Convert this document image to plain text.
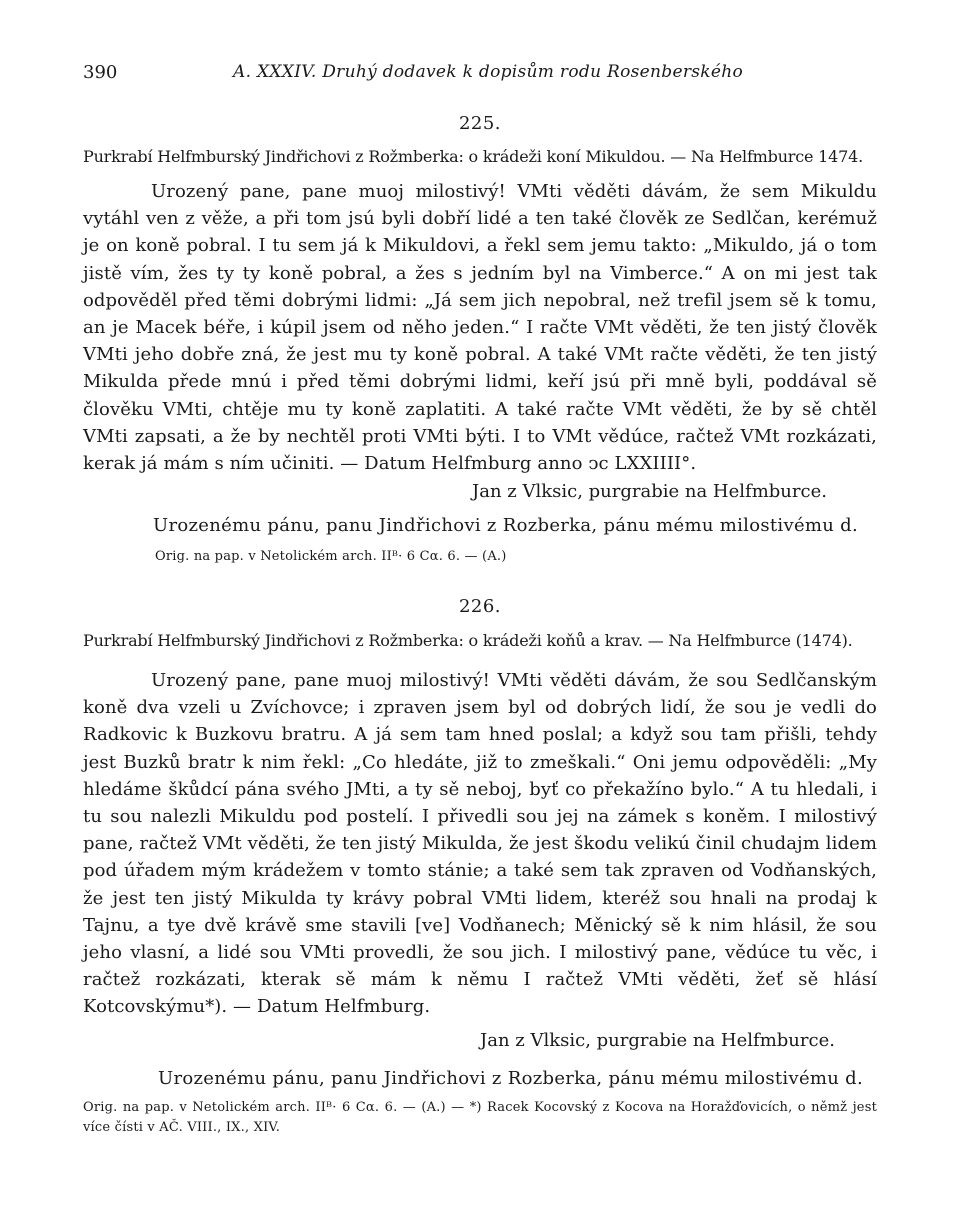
390	A. XXXIV. Druhý dodavek k dopisům rodu Rosenberského
225.
Purkrabí Helfmburský Jindřichovi z Rožmberka: o krádeži koní Mikuldou. — Na Helfmburce 1474.
Urozený pane, pane muoj milostivý! VMti věděti dávám, že sem Mikuldu vytáhl ven z věže, a při tom jsú byli dobří lidé a ten také člověk ze Sedlčan, kerémuž je on koně pobral. I tu sem já k Mikuldovi, a řekl sem jemu takto: „Mikuldo, já o tom jistě vím, žes ty ty koně pobral, a žes s jedním byl na Vimberce.“ A on mi jest tak odpověděl před těmi dobrými lidmi: „Já sem jich nepobral, než trefil jsem sě k tomu, an je Macek béře, i kúpil jsem od něho jeden.“ I račte VMt věděti, že ten jistý člověk VMti jeho dobře zná, že jest mu ty koně pobral. A také VMt račte věděti, že ten jistý Mikulda přede mnú i před těmi dobrými lidmi, keří jsú při mně byli, poddával sě člověku VMti, chtěje mu ty koně zaplatiti. A také račte VMt věděti, že by sě chtěl VMti zapsati, a že by nechtěl proti VMti býti. I to VMt vědúce, račtež VMt rozkázati, kerak já mám s ním učiniti. — Datum Helfmburg anno ↄc LXXIIII°.
Jan z Vlksic, purgrabie na Helfmburce.
Urozenému pánu, panu Jindřichovi z Rozberka, pánu mému milostivému d.
Orig. na pap. v Netolickém arch. IIᴮ· 6 Cα. 6. — (A.)
226.
Purkrabí Helfmburský Jindřichovi z Rožmberka: o krádeži koňů a krav. — Na Helfmburce (1474).
Urozený pane, pane muoj milostivý! VMti věděti dávám, že sou Sedlčanským koně dva vzeli u Zvíchovce; i zpraven jsem byl od dobrých lidí, že sou je vedli do Radkovic k Buzkovu bratru. A já sem tam hned poslal; a když sou tam přišli, tehdy jest Buzků bratr k nim řekl: „Co hledáte, již to zmeškali.“ Oni jemu odpověděli: „My hledáme škůdcí pána svého JMti, a ty sě neboj, byť co překažíno bylo.“ A tu hledali, i tu sou nalezli Mikuldu pod postelí. I přivedli sou jej na zámek s koněm. I milostivý pane, račtež VMt věděti, že ten jistý Mikulda, že jest škodu velikú činil chudajm lidem pod úřadem mým krádežem v tomto stánie; a také sem tak zpraven od Vodňanských, že jest ten jistý Mikulda ty krávy pobral VMti lidem, kteréž sou hnali na prodaj k Tajnu, a tye dvě krávě sme stavili [ve] Vodňanech; Měnický sě k nim hlásil, že sou jeho vlasní, a lidé sou VMti provedli, že sou jich. I milostivý pane, vědúce tu věc, i račtež rozkázati, kterak sě mám k němu I račtež VMti věděti, žeť sě hlásí Kotcovskýmu*). — Datum Helfmburg.
Jan z Vlksic, purgrabie na Helfmburce.
Urozenému pánu, panu Jindřichovi z Rozberka, pánu mému milostivému d.
Orig. na pap. v Netolickém arch. IIᴮ· 6 Cα. 6. — (A.) — *) Racek Kocovský z Kocova na Horažďovicích, o němž jest více čísti v AČ. VIII., IX., XIV.
